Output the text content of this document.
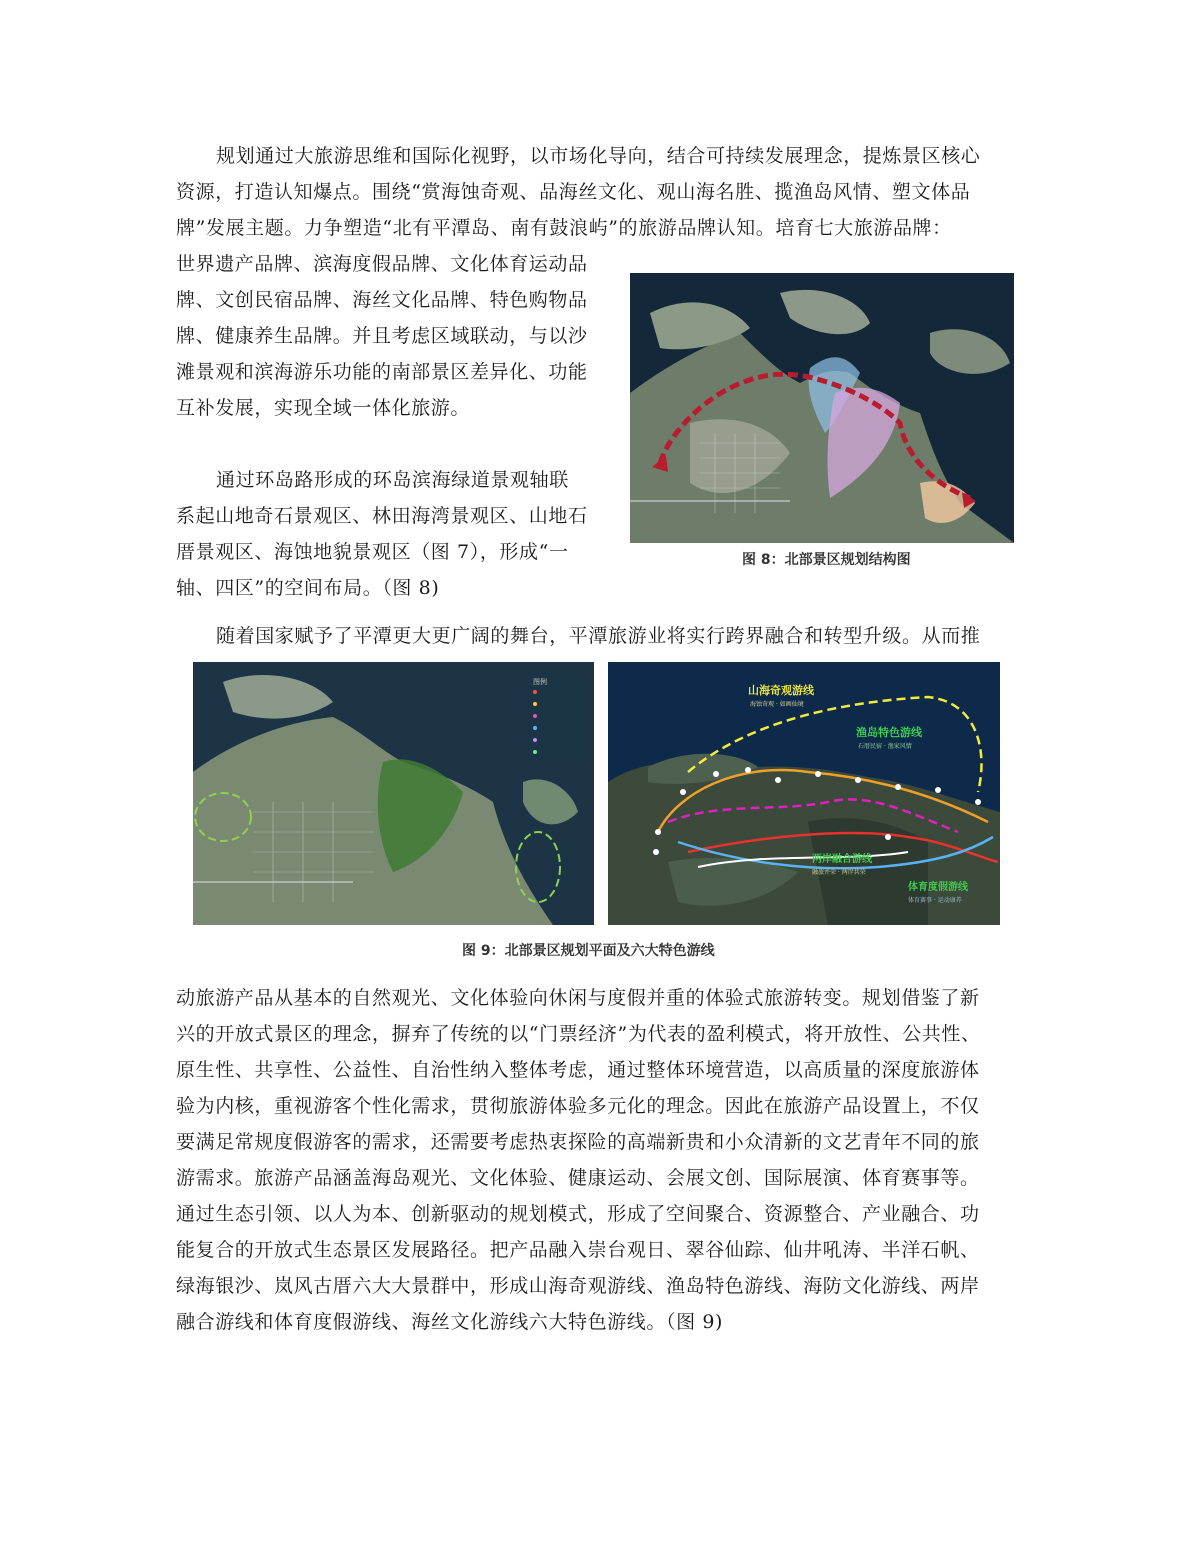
规划通过大旅游思维和国际化视野，以市场化导向，结合可持续发展理念，提炼景区核心
资源，打造认知爆点。围绕“赏海蚀奇观、品海丝文化、观山海名胜、揽渔岛风情、塑文体品
牌”发展主题。力争塑造“北有平潭岛、南有鼓浪屿”的旅游品牌认知。培育七大旅游品牌：
世界遗产品牌、滨海度假品牌、文化体育运动品
牌、文创民宿品牌、海丝文化品牌、特色购物品
牌、健康养生品牌。并且考虑区域联动，与以沙
滩景观和滨海游乐功能的南部景区差异化、功能
互补发展，实现全域一体化旅游。
通过环岛路形成的环岛滨海绿道景观轴联
系起山地奇石景观区、林田海湾景观区、山地石
厝景观区、海蚀地貌景观区（图 7），形成“一
轴、四区”的空间布局。（图 8)
图 8：北部景区规划结构图
随着国家赋予了平潭更大更广阔的舞台，平潭旅游业将实行跨界融合和转型升级。从而推
图例
山海奇观游线
海蚀奇观 · 如画仙境
渔岛特色游线
石厝民宿 · 渔家风情
两岸融合游线
融旅并荣 · 两岸共荣
体育度假游线
体育赛事 · 运动康养
图 9：北部景区规划平面及六大特色游线
动旅游产品从基本的自然观光、文化体验向休闲与度假并重的体验式旅游转变。规划借鉴了新
兴的开放式景区的理念，摒弃了传统的以“门票经济”为代表的盈利模式，将开放性、公共性、
原生性、共享性、公益性、自治性纳入整体考虑，通过整体环境营造，以高质量的深度旅游体
验为内核，重视游客个性化需求，贯彻旅游体验多元化的理念。因此在旅游产品设置上，不仅
要满足常规度假游客的需求，还需要考虑热衷探险的高端新贵和小众清新的文艺青年不同的旅
游需求。旅游产品涵盖海岛观光、文化体验、健康运动、会展文创、国际展演、体育赛事等。
通过生态引领、以人为本、创新驱动的规划模式，形成了空间聚合、资源整合、产业融合、功
能复合的开放式生态景区发展路径。把产品融入崇台观日、翠谷仙踪、仙井吼涛、半洋石帆、
绿海银沙、岚风古厝六大大景群中，形成山海奇观游线、渔岛特色游线、海防文化游线、两岸
融合游线和体育度假游线、海丝文化游线六大特色游线。（图 9)
